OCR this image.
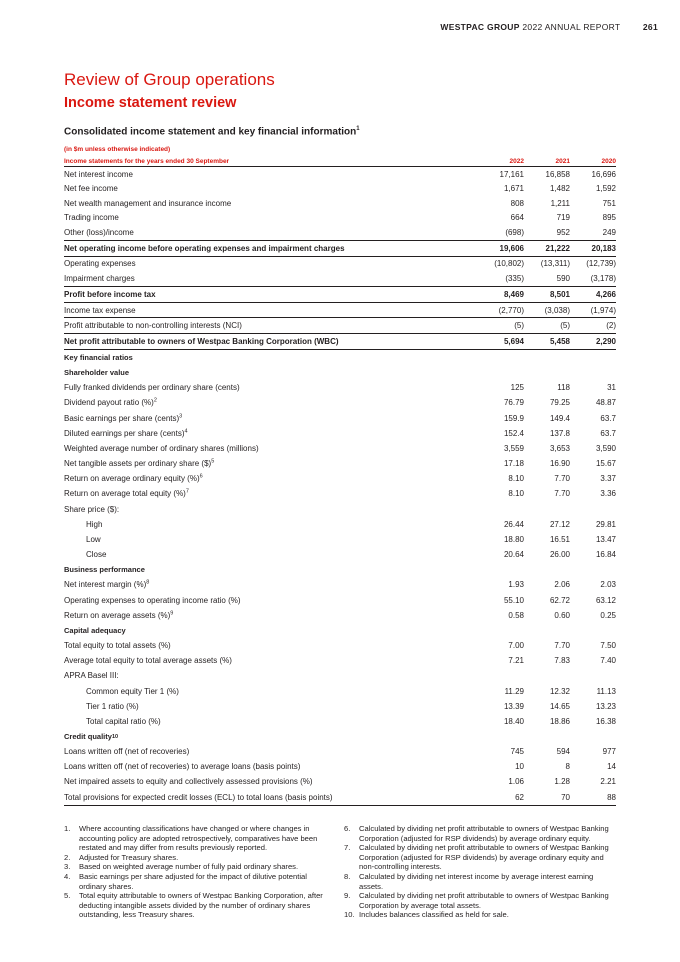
WESTPAC GROUP 2022 ANNUAL REPORT	261
Review of Group operations
Income statement review
Consolidated income statement and key financial information$^1$
(in $m unless otherwise indicated)
Income statements for the years ended 30 September	2022	2021	2020
Net interest income	17,161	16,858	16,696
Net fee income	1,671	1,482	1,592
Net wealth management and insurance income	808	1,211	751
Trading income	664	719	895
Other (loss)/income	(698)	952	249
Net operating income before operating expenses and impairment charges	19,606	21,222	20,183
Operating expenses	(10,802)	(13,311)	(12,739)
Impairment charges	(335)	590	(3,178)
Profit before income tax	8,469	8,501	4,266
Income tax expense	(2,770)	(3,038)	(1,974)
Profit attributable to non-controlling interests (NCI)	(5)	(5)	(2)
Net profit attributable to owners of Westpac Banking Corporation (WBC)	5,694	5,458	2,290
Key financial ratios
Shareholder value
Fully franked dividends per ordinary share (cents)	125	118	31
Dividend payout ratio (%)$^2$	76.79	79.25	48.87
Basic earnings per share (cents)$^3$	159.9	149.4	63.7
Diluted earnings per share (cents)$^4$	152.4	137.8	63.7
Weighted average number of ordinary shares (millions)	3,559	3,653	3,590
Net tangible assets per ordinary share ($)$^5$	17.18	16.90	15.67
Return on average ordinary equity (%)$^6$	8.10	7.70	3.37
Return on average total equity (%)$^7$	8.10	7.70	3.36
Share price ($):
High	26.44	27.12	29.81
Low	18.80	16.51	13.47
Close	20.64	26.00	16.84
Business performance
Net interest margin (%)$^8$	1.93	2.06	2.03
Operating expenses to operating income ratio (%)	55.10	62.72	63.12
Return on average assets (%)$^9$	0.58	0.60	0.25
Capital adequacy
Total equity to total assets (%)	7.00	7.70	7.50
Average total equity to total average assets (%)	7.21	7.83	7.40
APRA Basel III:
Common equity Tier 1 (%)	11.29	12.32	11.13
Tier 1 ratio (%)	13.39	14.65	13.23
Total capital ratio (%)	18.40	18.86	16.38
Credit quality 10
Loans written off (net of recoveries)	745	594	977
Loans written off (net of recoveries) to average loans (basis points)	10	8	14
Net impaired assets to equity and collectively assessed provisions (%)	1.06	1.28	2.21
Total provisions for expected credit losses (ECL) to total loans (basis points)	62	70	88
1.	Where accounting classifications have changed or where changes in accounting policy are adopted retrospectively, comparatives have been restated and may differ from results previously reported.
2.	Adjusted for Treasury shares.
3.	Based on weighted average number of fully paid ordinary shares.
4.	Basic earnings per share adjusted for the impact of dilutive potential ordinary shares.
5.	Total equity attributable to owners of Westpac Banking Corporation, after deducting intangible assets divided by the number of ordinary shares outstanding, less Treasury shares.
6.	Calculated by dividing net profit attributable to owners of Westpac Banking Corporation (adjusted for RSP dividends) by average ordinary equity.
7.	Calculated by dividing net profit attributable to owners of Westpac Banking Corporation (adjusted for RSP dividends) by average ordinary equity and non-controlling interests.
8.	Calculated by dividing net interest income by average interest earning assets.
9.	Calculated by dividing net profit attributable to owners of Westpac Banking Corporation by average total assets.
10. Includes balances classified as held for sale.
